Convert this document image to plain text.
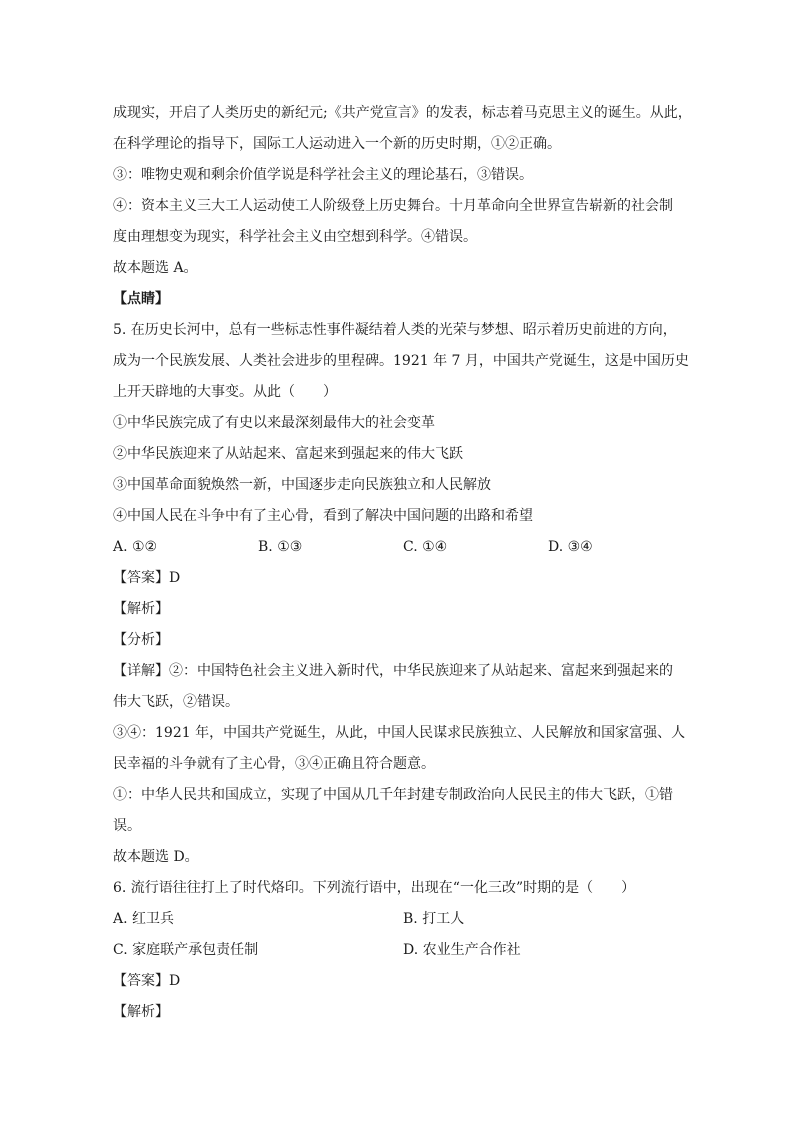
成现实，开启了人类历史的新纪元;《共产党宣言》的发表，标志着马克思主义的诞生。从此，
在科学理论的指导下，国际工人运动进入一个新的历史时期，①②正确。
③：唯物史观和剩余价值学说是科学社会主义的理论基石，③错误。
④：资本主义三大工人运动使工人阶级登上历史舞台。十月革命向全世界宣告崭新的社会制
度由理想变为现实，科学社会主义由空想到科学。④错误。
故本题选 A。
【点睛】
5. 在历史长河中，总有一些标志性事件凝结着人类的光荣与梦想、昭示着历史前进的方向，
成为一个民族发展、人类社会进步的里程碑。1921 年 7 月，中国共产党诞生，这是中国历史
上开天辟地的大事变。从此（　　）
①中华民族完成了有史以来最深刻最伟大的社会变革
②中华民族迎来了从站起来、富起来到强起来的伟大飞跃
③中国革命面貌焕然一新，中国逐步走向民族独立和人民解放
④中国人民在斗争中有了主心骨，看到了解决中国问题的出路和希望
A. ①②	B. ①③	C. ①④	D. ③④
【答案】D
【解析】
【分析】
【详解】②：中国特色社会主义进入新时代，中华民族迎来了从站起来、富起来到强起来的
伟大飞跃，②错误。
③④：1921 年，中国共产党诞生，从此，中国人民谋求民族独立、人民解放和国家富强、人
民幸福的斗争就有了主心骨，③④正确且符合题意。
①：中华人民共和国成立，实现了中国从几千年封建专制政治向人民民主的伟大飞跃，①错
误。
故本题选 D。
6. 流行语往往打上了时代烙印。下列流行语中，出现在“一化三改”时期的是（　　）
A. 红卫兵	B. 打工人
C. 家庭联产承包责任制	D. 农业生产合作社
【答案】D
【解析】
